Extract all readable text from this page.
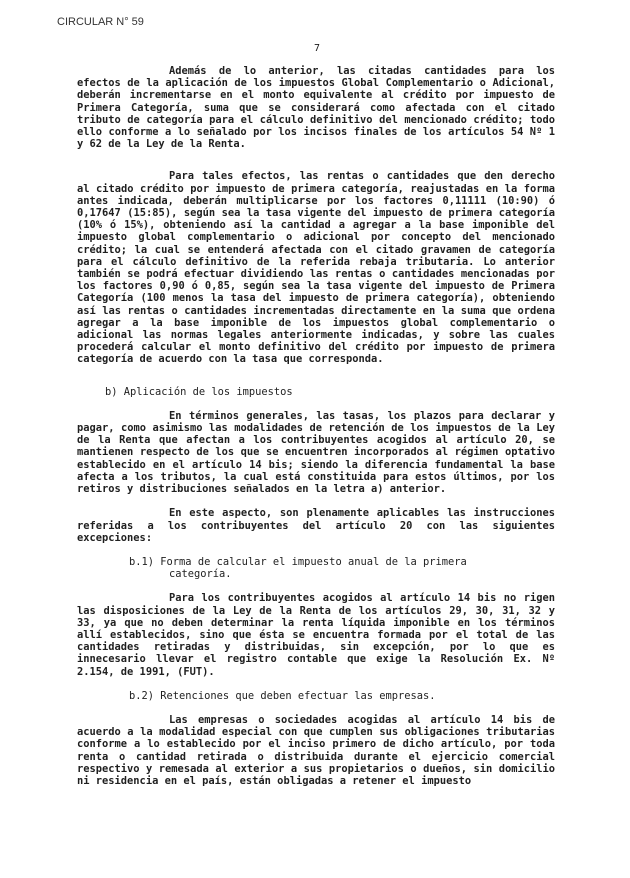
CIRCULAR N° 59
7

Además de lo anterior, las citadas cantidades para los efectos de la aplicación de los impuestos Global Complementario o Adicional, deberán incrementarse en el monto equivalente al crédito por impuesto de Primera Categoría, suma que se considerará como afectada con el citado tributo de categoría para el cálculo definitivo del mencionado crédito; todo ello conforme a lo señalado por los incisos finales de los artículos 54 Nº 1 y 62 de la Ley de la Renta.

Para tales efectos, las rentas o cantidades que den derecho al citado crédito por impuesto de primera categoría, reajustadas en la forma antes indicada, deberán multiplicarse por los factores 0,11111 (10:90) ó 0,17647 (15:85), según sea la tasa vigente del impuesto de primera categoría (10% ó 15%), obteniendo así la cantidad a agregar a la base imponible del impuesto global complementario o adicional por concepto del mencionado crédito; la cual se entenderá afectada con el citado gravamen de categoría para el cálculo definitivo de la referida rebaja tributaria. Lo anterior también se podrá efectuar dividiendo las rentas o cantidades mencionadas por los factores 0,90 ó 0,85, según sea la tasa vigente del impuesto de Primera Categoría (100 menos la tasa del impuesto de primera categoría), obteniendo así las rentas o cantidades incrementadas directamente en la suma que ordena agregar a la base imponible de los impuestos global complementario o adicional las normas legales anteriormente indicadas, y sobre las cuales procederá calcular el monto definitivo del crédito por impuesto de primera categoría de acuerdo con la tasa que corresponda.

b) Aplicación de los impuestos

En términos generales, las tasas, los plazos para declarar y pagar, como asimismo las modalidades de retención de los impuestos de la Ley de la Renta que afectan a los contribuyentes acogidos al artículo 20, se mantienen respecto de los que se encuentren incorporados al régimen optativo establecido en el artículo 14 bis; siendo la diferencia fundamental la base afecta a los tributos, la cual está constituida para estos últimos, por los retiros y distribuciones señalados en la letra a) anterior.

En este aspecto, son plenamente aplicables las instrucciones referidas a los contribuyentes del artículo 20 con las siguientes excepciones:

b.1) Forma de calcular el impuesto anual de la primera
categoría.

Para los contribuyentes acogidos al artículo 14 bis no rigen las disposiciones de la Ley de la Renta de los artículos 29, 30, 31, 32 y 33, ya que no deben determinar la renta líquida imponible en los términos allí establecidos, sino que ésta se encuentra formada por el total de las cantidades retiradas y distribuidas, sin excepción, por lo que es innecesario llevar el registro contable que exige la Resolución Ex. Nº 2.154, de 1991, (FUT).

b.2) Retenciones que deben efectuar las empresas.

Las empresas o sociedades acogidas al artículo 14 bis de acuerdo a la modalidad especial con que cumplen sus obligaciones tributarias conforme a lo establecido por el inciso primero de dicho artículo, por toda renta o cantidad retirada o distribuida durante el ejercicio comercial respectivo y remesada al exterior a sus propietarios o dueños, sin domicilio ni residencia en el país, están obligadas a retener el impuesto
